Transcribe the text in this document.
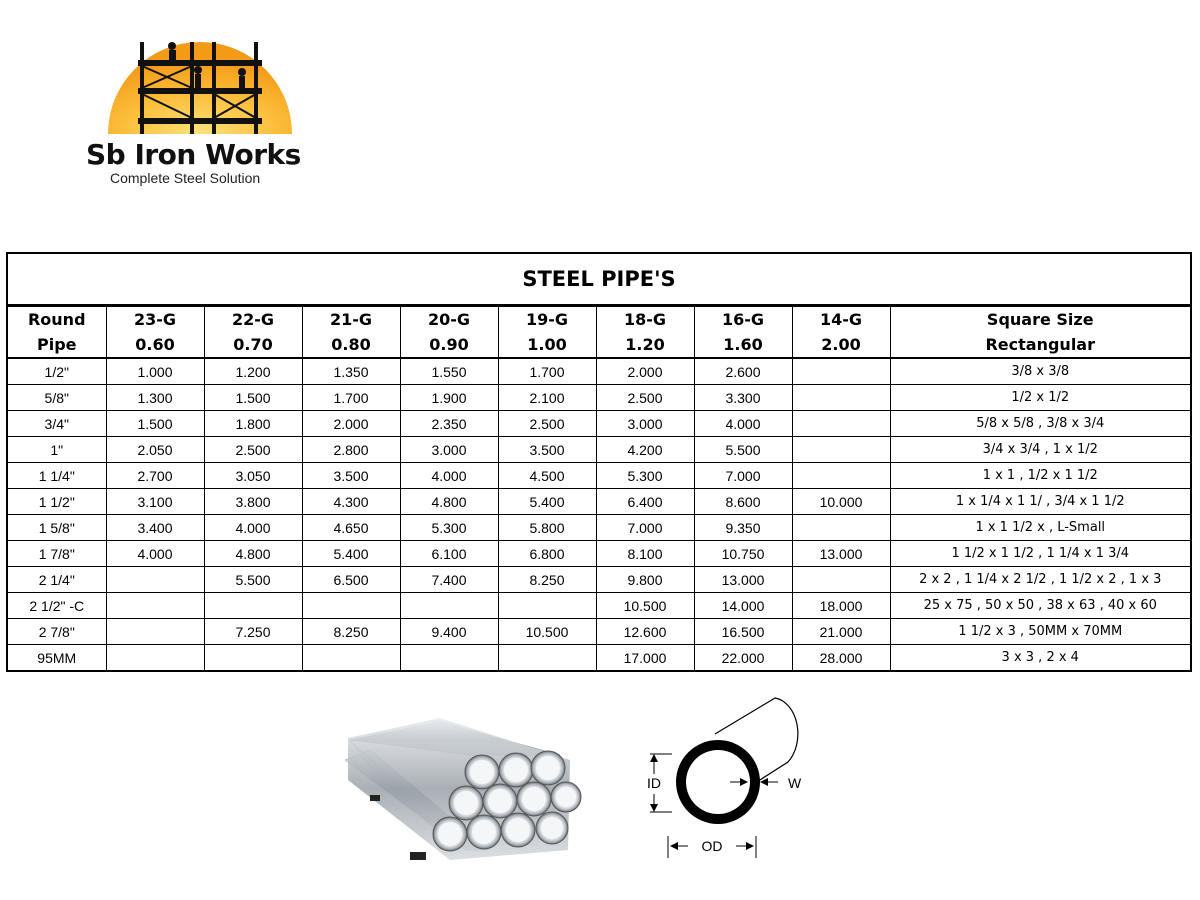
Sb Iron Works
Complete Steel Solution
STEEL PIPE'S
Round	23-G	22-G	21-G	20-G	19-G	18-G	16-G	14-G	Square Size
Pipe	0.60	0.70	0.80	0.90	1.00	1.20	1.60	2.00	Rectangular
1/2"	1.000	1.200	1.350	1.550	1.700	2.000	2.600		3/8 x 3/8
5/8"	1.300	1.500	1.700	1.900	2.100	2.500	3.300		1/2 x 1/2
3/4"	1.500	1.800	2.000	2.350	2.500	3.000	4.000		5/8 x 5/8 , 3/8 x 3/4
1"	2.050	2.500	2.800	3.000	3.500	4.200	5.500		3/4 x 3/4 , 1 x 1/2
1 1/4"	2.700	3.050	3.500	4.000	4.500	5.300	7.000		1 x 1 , 1/2 x 1 1/2
1 1/2"	3.100	3.800	4.300	4.800	5.400	6.400	8.600	10.000	1 x 1/4 x 1 1/ , 3/4 x 1 1/2
1 5/8"	3.400	4.000	4.650	5.300	5.800	7.000	9.350		1 x 1 1/2 x , L-Small
1 7/8"	4.000	4.800	5.400	6.100	6.800	8.100	10.750	13.000	1 1/2 x 1 1/2 , 1 1/4 x 1 3/4
2 1/4"		5.500	6.500	7.400	8.250	9.800	13.000		2 x 2 , 1 1/4 x 2 1/2 , 1 1/2 x 2 , 1 x 3
2 1/2" -C						10.500	14.000	18.000	25 x 75 , 50 x 50 , 38 x 63 , 40 x 60
2 7/8"		7.250	8.250	9.400	10.500	12.600	16.500	21.000	1 1/2 x 3 , 50MM x 70MM
95MM						17.000	22.000	28.000	3 x 3 , 2 x 4
ID	W
OD
